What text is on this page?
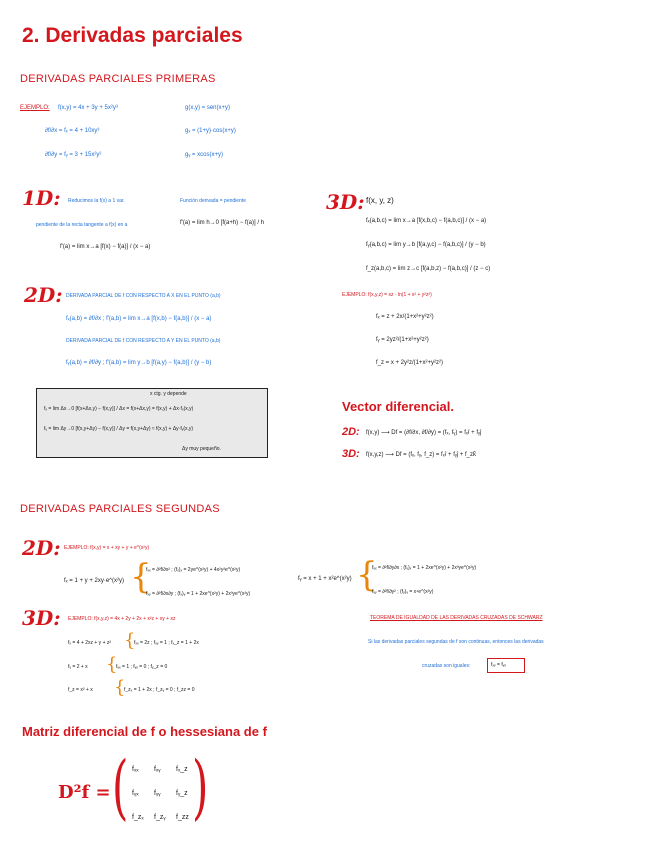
2. Derivadas parciales
DERIVADAS PARCIALES PRIMERAS
EJEMPLO: f(x,y) = 4x + 3y + 5x²y³	g(x,y) = sen(x+y)
∂f/∂x = fₓ = 4 + 10xy³
∂f/∂y = fᵧ = 3 + 15x²y²
gₓ = (1+y)·cos(x+y)
gᵧ = xcos(x+y)
1D: Reducimos la f(x) a 1 var.	Función derivada = pendiente
pendiente de la recta tangente a f(x) en a	f'(a) = lim h→0 [f(a+h) − f(a)] / h
f'(a) = lim x→a [f(x) − f(a)] / (x − a)
2D: DERIVADA PARCIAL DE f CON RESPECTO A X EN EL PUNTO (a,b)
fₓ(a,b) = ∂f/∂x ; f'(a,b) = lim x→a [f(x,b) − f(a,b)] / (x − a)
DERIVADA PARCIAL DE f CON RESPECTO A Y EN EL PUNTO (a,b)
fᵧ(a,b) = ∂f/∂y ; f'(a,b) = lim y→b [f(a,y) − f(a,b)] / (y − b)
x ctg. y depende
fₓ = lim Δx→0 [f(x+Δx,y) − f(x,y)] / Δx = f(x+Δx,y) = f(x,y) + Δx·fₓ(x,y)
fᵧ = lim Δy→0 [f(x,y+Δy) − f(x,y)] / Δy = f(x,y+Δy) ≈ f(x,y) + Δy·fᵧ(x,y)
Δy muy pequeño.
3D: f(x, y, z)
fₓ(a,b,c) = lim x→a [f(x,b,c) − f(a,b,c)] / (x − a)
fᵧ(a,b,c) = lim y→b [f(a,y,c) − f(a,b,c)] / (y − b)
f_z(a,b,c) = lim z→c [f(a,b,z) − f(a,b,c)] / (z − c)
EJEMPLO: f(x,y,z) = xz · ln(1 + x² + y²z²)
fₓ = z + 2x/(1+x²+y²z²)
fᵧ = 2yz²/(1+x²+y²z²)
f_z = x + 2y²z/(1+x²+y²z²)
Vector diferencial.
2D: f(x,y) ⟶ Df = (∂f/∂x, ∂f/∂y) = (fₓ, fᵧ) = fₓî + fᵧĵ
3D: f(x,y,z) ⟶ Df = (fₓ, fᵧ, f_z) = fₓî + fᵧĵ + f_zk̂
DERIVADAS PARCIALES SEGUNDAS
2D: EJEMPLO: f(x,y) = x + xy + y + e^(x²y)
fₓ = 1 + y + 2xy·e^(x²y) {
fₓₓ = ∂²f/∂x² ; (fₓ)ₓ = 2ye^(x²y) + 4x²y²e^(x²y)
fₓᵧ = ∂²f/∂x∂y ; (fₓ)ᵧ = 1 + 2xe^(x²y) + 2x³ye^(x²y)
fᵧ = x + 1 + x²e^(x²y) {
fᵧₓ = ∂²f/∂y∂x ; (fᵧ)ₓ = 1 + 2xe^(x²y) + 2x³ye^(x²y)
fᵧᵧ = ∂²f/∂y² ; (fᵧ)ᵧ = x⁴e^(x²y)
3D: EJEMPLO: f(x,y,z) = 4x + 2y + 2x + x²z + xy + xz
fₓ = 4 + 2xz + y + z² {
fₓₓ = 2z ; fₓᵧ = 1 ; fₓ_z = 1 + 2x
fᵧ = 2 + x {
fᵧₓ = 1 ; fᵧᵧ = 0 ; fᵧ_z = 0
f_z = x² + x {
f_zₓ = 1 + 2x ; f_zᵧ = 0 ; f_zz = 0
TEOREMA DE IGUALDAD DE LAS DERIVADAS CRUZADAS DE SCHWARZ
Si las derivadas parciales segundas de f son continuas, entonces las derivadas
cruzadas son iguales:	fₓᵧ = fᵧₓ
Matriz diferencial de f o hessesiana de f
D²f = ( )
fₓₓ fₓᵧ fₓ_z
fᵧₓ fᵧᵧ fᵧ_z
f_zₓ f_zᵧ f_zz
